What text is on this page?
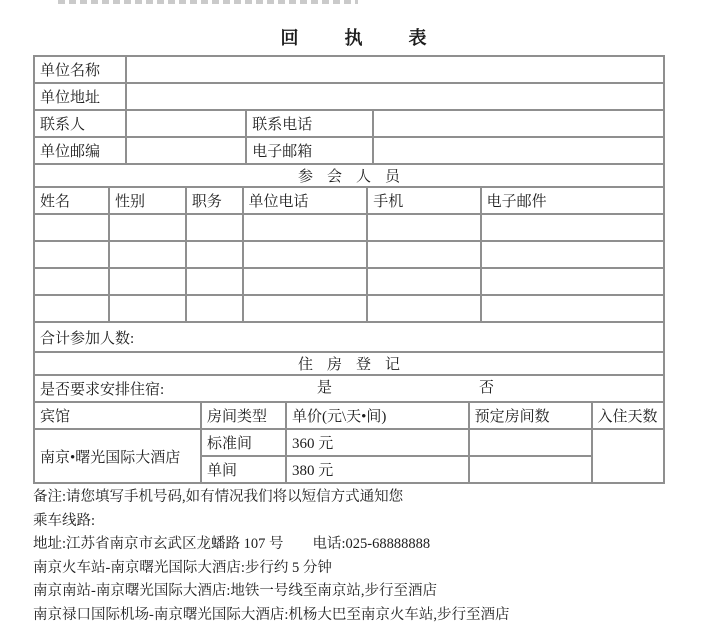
回执表
单位名称			
单位地址			
联系人		联系电话	
单位邮编		电子邮箱	
参会人员
姓名	性别	职务	单位电话	手机	电子邮件

合计参加人数:
住房登记
是否要求安排住宿:	是	否
宾馆	房间类型	单价(元\天•间)	预定房间数	入住天数
南京•曙光国际大酒店	标准间	360 元		
	单间	380 元		
备注:请您填写手机号码,如有情况我们将以短信方式通知您
乘车线路:
地址:江苏省南京市玄武区龙蟠路 107 号　　电话:025-68888888
南京火车站-南京曙光国际大酒店:步行约 5 分钟
南京南站-南京曙光国际大酒店:地铁一号线至南京站,步行至酒店
南京禄口国际机场-南京曙光国际大酒店:机杨大巴至南京火车站,步行至酒店
